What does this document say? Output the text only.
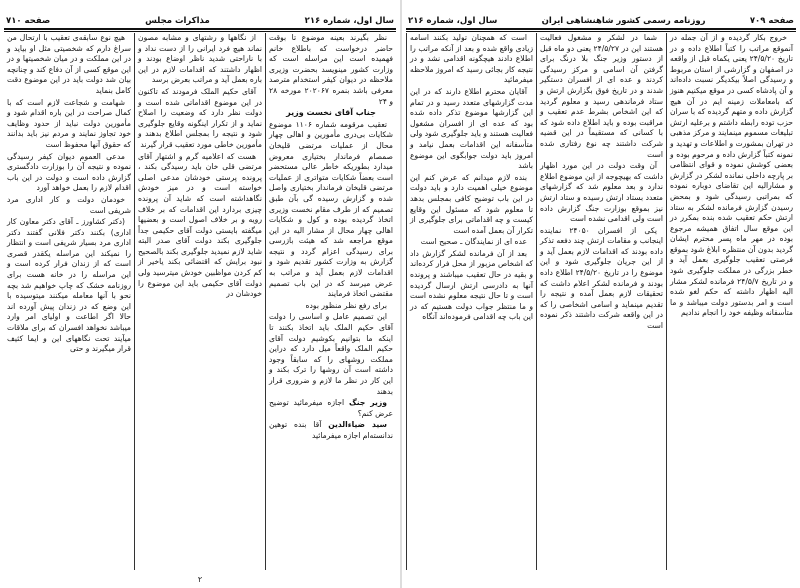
سال اول، شماره ۲۱۶
مذاکرات مجلس
صفحه ۷۱۰

نظر بگیرند بعینه موضوع تا بوقت حاضر درخواست که باطلاع خانم فهمیده است این مراسله است که وزارت کشور مینویسد بحضرت وزیری ملاحظه در دیوان کیفر استخدام مترصد معرفی باشد بنمره ۲۰۲۰۶۷ مورخه ۲۸ و ۲۴

جناب آقای نخست وزیر

تعقیب مرقومه شماره ۱۱۰۶ موضوع شکایات بی‌دری مأمورین و اهالی چهار محال از عملیات مرتضی قلیخان صمصام فرماندار بختیاری معروض میدارد بطوریکه خاطر عالی مستحضر است بعضاً شکایات متواتری از عملیات مرتضی قلیخان فرماندار بختیاری واصل شده و گزارش رسیده گی بآن طبق تصمیم که از طرف مقام نخست وزیری اتخاذ گردیده بوده و کول و شکایات اهالی چهار محال از مشار الیه در این موقع مراجعه شد که هیئت بازرسی برای رسیدگی اعزام گردد و نتیجه گزارش به وزارت کشور تقدیم شود و اقدامات لازم بعمل آید و مراتب به عرض میرسد که در این باب تصمیم مقتضی اتخاذ فرمایند

برای رفع نظر منظور بوده

این تصمیم عامل و اساسی را دولت آقای حکیم الملک باید اتخاذ بکنند تا اینکه ما بتوانیم بکوشیم دولت آقای حکیم الملک واقعاً میل دارد که دراین مملکت روشهای را که سابقاً وجود داشته است آن روشها را ترک بکند و این کار در نظر ما لازم و ضروری قرار بدهند

وزیر جنگ اجازه میفرمائید توضیح عرض کنم؟

سید ضیاءالدین آقا بنده توهین ندانسته‌ام اجازه میفرمائید

از نگاهها و رشتهای و مشابه مصون نماند هیچ فرد ایرانی را از دست نداد و با ناراحتی شدید ناظر اوضاع بودند و اظهار داشتند که اقدامات لازم در این باره بعمل آید و مراتب بعرض برسد

آقای حکیم الملک فرمودند که تاکنون در این موضوع اقداماتی شده است و دولت نظر دارد که وضعیت را اصلاح نماید و از تکرار اینگونه وقایع جلوگیری شود و نتیجه را بمجلس اطلاع بدهند و مأمورین خاطی مورد تعقیب قرار گیرند

هست که اعلامیه گرم و اشتهار آقای مرتضی قلی خان باید رسیدگی بکند ، پرونده پرستی خودشان مدعی اصلی خواسته است و در میز خودش نگاهداشته است که شاید آن پرونده چیزی بردارد این اقدامات که بر خلاف رویه و بر خلاف اصول است و بعضیها میگفته بایستی دولت آقای حکیمی جداً جلوگیری بکند دولت آقای صدر البته شاید لازم نمیدید جلوگیری بکند بالصحیح نبود برایش که اقتضائی بکند یاخیر از کم کردن مواظبین خودش میترسید ولی دولت آقای حکیمی باید این موضوع را خودشان در

هیچ نوع سابقه‌ی تعقیب با ارتحال من سراغ دارم که شخصیتی مثل او بیاید و در این مملکت و در میان شخصیتها و در این موقع کسی از آن دفاع کند و چنانچه بیان شد دولت باید در این موضوع دقت کامل بنماید

شهامت و شجاعت لازم است که با کمال صراحت در این باره اقدام شود و مأمورین دولت نباید از حدود وظایف خود تجاوز نمایند و مردم نیز باید بدانند که حقوق آنها محفوظ است

مدعی العموم دیوان کیفر رسیدگی نموده و نتیجه آن را بوزارت دادگستری گزارش داده است و دولت در این باب اقدام لازم را بعمل خواهد آورد

خودمان دولت و کار اداری مرد شریفی است

(دکتر کشاورز ـ آقای دکتر معاون کار اداری) بکنند دکتر فلانی گفتند دکتر اداری مرد بسیار شریفی است و انتظار را نمیکند این مراسله یکقدر قصری است که از زندان فرار کرده است و این مراسله را در خانه هست برای روزنامه خشک که چاپ خواهیم شد بچه نحو با آنها معامله میکنند میتوسیده با این وضع که در زندان پیش آورده اند حالا اگر اطاعت و اولیای امر وارد میباشد نخواهد افسران که برای ملاقات میآیند تحت نگاههای این و ایما کثیف قرار میگیرند و حتی

۲
صفحه ۷۰۹
روزنامه رسمی کشور شاهنشاهی ایران
سال اول، شماره ۲۱۶

است که همچنان تولید بکنند اسامه زیادی واقع شده و بعد از آنکه مراتب را اطلاع دادند هیچگونه اقدامی نشد و در نتیجه کار بجائی رسید که امروز ملاحظه میفرمائید

آقایان محترم اطلاع دارند که در این مدت گزارشهای متعدد رسید و در تمام این گزارشها موضوع تذکر داده شده بود که عده ای از افسران مشغول فعالیت هستند و باید جلوگیری شود ولی متأسفانه این اقدامات بعمل نیامد و امروز باید دولت جوابگوی این موضوع باشد

بنده لازم میدانم که عرض کنم این موضوع خیلی اهمیت دارد و باید دولت در این باب توضیح کافی بمجلس بدهد تا معلوم شود که مسئول این وقایع کیست و چه اقداماتی برای جلوگیری از تکرار آن بعمل آمده است

عده ای از نمایندگان ـ صحیح است

بعد از آن فرمانده لشکر گزارش داد که اشخاص مزبور از محل فرار کرده‌اند و بقیه در حال تعقیب میباشند و پرونده آنها به دادرسی ارتش ارسال گردیده است و تا حال نتیجه معلوم نشده است و ما منتظر جواب دولت هستیم که در این باب چه اقدامی فرموده‌اند آنگاه

شما در لشکر و مشغول فعالیت هستند این در ۲۴/۵/۲۷ یعنی دو ماه قبل از دستور وزیر جنگ بلا درنگ برای گرفتن آن اسامی و مرکز رسیدگی کردند و عده ای از افسران دستگیر شدند و در تاریخ فوق بگزارش ارتش و ستاد فرماندهی رسید و معلوم گردید که این اشخاص بشرط عدم تعقیب و مراقبت بوده و باید اطلاع داده شود که با کسانی که مستقیماً در این قضیه شرکت داشتند چه نوع رفتاری شده است

آن وقت دولت در این مورد اظهار داشت که بهیچوجه از این موضوع اطلاع ندارد و بعد معلوم شد که گزارشهای متعدد بستاد ارتش رسیده و ستاد ارتش نیز بموقع بوزارت جنگ گزارش داده است ولی اقدامی نشده است

یکی از افسران ۲۴۰۵۰ نماینده اینجانب و مقامات ارتش چند دفعه تذکر داده بودند که اقدامات لازم بعمل آید و از این جریان جلوگیری شود و این موضوع را در تاریخ ۲۴/۵/۲۰ اطلاع داده بودند و فرمانده لشکر اعلام داشت که تحقیقات لازم بعمل آمده و نتیجه را تقدیم مینماید و اسامی اشخاصی را که در این واقعه شرکت داشتند ذکر نموده است

خروج بکار گردیده و از آن جمله در آنموقع مراتب را کتباً اطلاع داده و در تاریخ ۲۴/۵/۲۰ یعنی یکماه قبل از واقعه در اصفهان و گزارشی از استان مربوط و رسیدگی اصلاً بیکدیگر نسبت داده‌اند و آن پادشاه کسی در موقع میکنیم هنوز که بامعاملات زمینه ایم در آن هیچ گزارش داده و متهم گردیده که با سران حزب توده رابطه داشتم و برعلیه ارتش تبلیغات مسموم مینمایند و مرکز مذهبی در تهران بمشورت و اطلاعات و تهدید و نمونه کتباً گزارش داده و مرحوم بوده و بعضی کوشش نموده و قوای انتظامی بر پارچه داخلی نمانده لشکر در گزارش و مشارالیه این تقاضای دوباره نموده که بمراتبی رسیدگی شود و بمحض رسیدن گزارش فرمانده لشکر به ستاد ارتش حکم تعقیب شده بنده بمکرر در این موقع سال اتفاق همیشه مرجوع بوده در مهر ماه پسر محترم ایشان گردید بدون آن منتظره ابلاغ شود بموقع فرصتی تعقیب جلوگیری بعمل آید و خطر بزرگی در مملکت جلوگیری شود و در تاریخ ۲۴/۵/۷ فرمانده لشکر مشار الیه اظهار داشته که حکم لغو شده است و امر بدستور دولت میباشد و ما متأسفانه وظیفه خود را انجام ندادیم
